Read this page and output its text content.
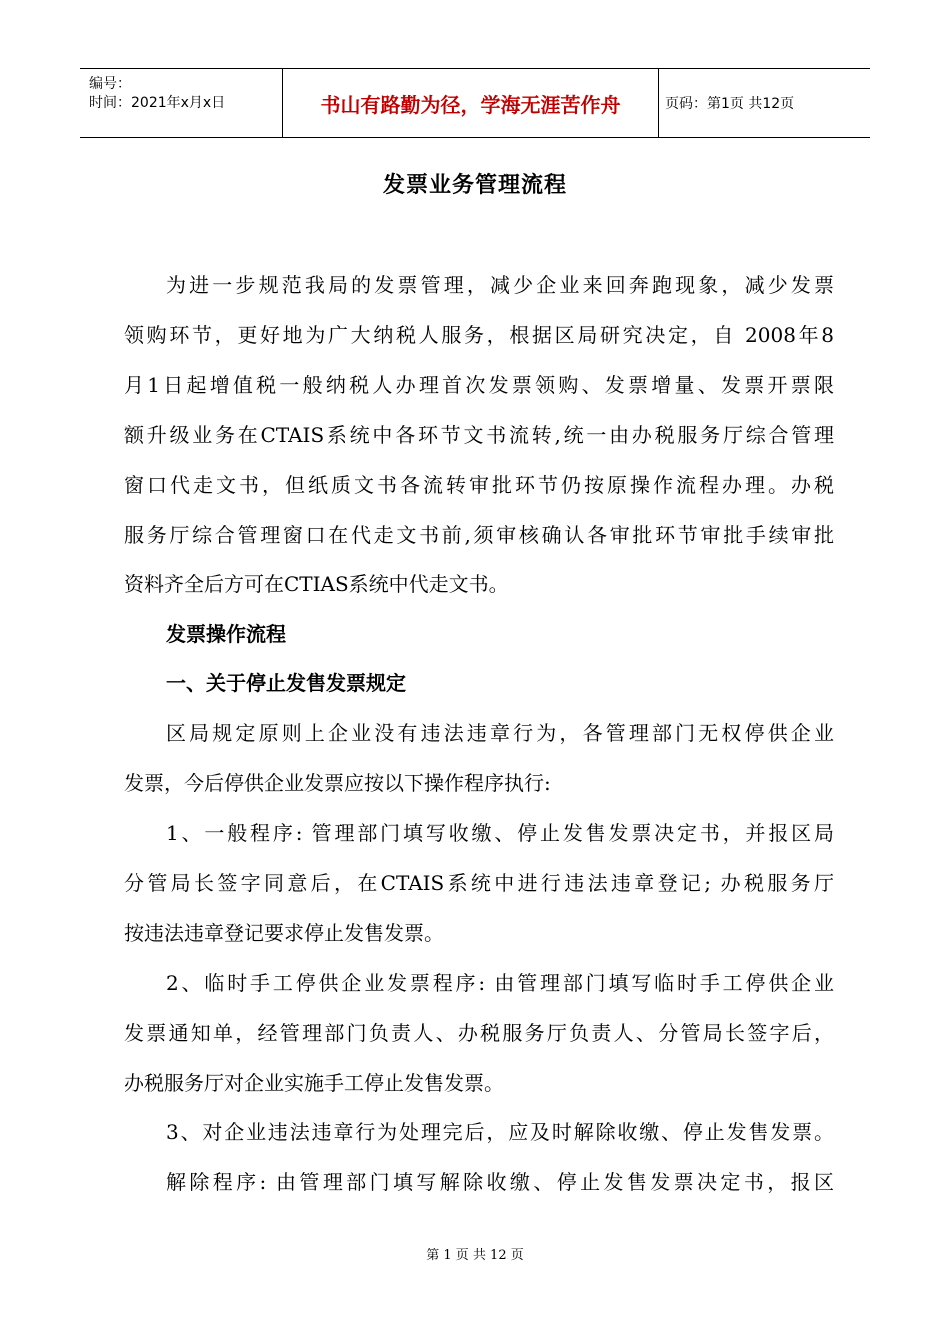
编号：
时间：2021年x月x日	书山有路勤为径，学海无涯苦作舟	页码：第1页 共12页
发票业务管理流程
为进一步规范我局的发票管理，减少企业来回奔跑现象，减少发票
领购环节，更好地为广大纳税人服务，根据区局研究决定，自 2008年8
月1日起增值税一般纳税人办理首次发票领购、发票增量、发票开票限
额升级业务在CTAIS系统中各环节文书流转,统一由办税服务厅综合管理
窗口代走文书，但纸质文书各流转审批环节仍按原操作流程办理。办税
服务厅综合管理窗口在代走文书前,须审核确认各审批环节审批手续审批
资料齐全后方可在CTIAS系统中代走文书。
发票操作流程
一、关于停止发售发票规定
区局规定原则上企业没有违法违章行为，各管理部门无权停供企业
发票，今后停供企业发票应按以下操作程序执行:
1、一般程序: 管理部门填写收缴、停止发售发票决定书，并报区局
分管局长签字同意后，在CTAIS系统中进行违法违章登记; 办税服务厅
按违法违章登记要求停止发售发票。
2、临时手工停供企业发票程序: 由管理部门填写临时手工停供企业
发票通知单，经管理部门负责人、办税服务厅负责人、分管局长签字后，
办税服务厅对企业实施手工停止发售发票。
3、对企业违法违章行为处理完后，应及时解除收缴、停止发售发票。
解除程序: 由管理部门填写解除收缴、停止发售发票决定书，报区
第 1 页 共 12 页
